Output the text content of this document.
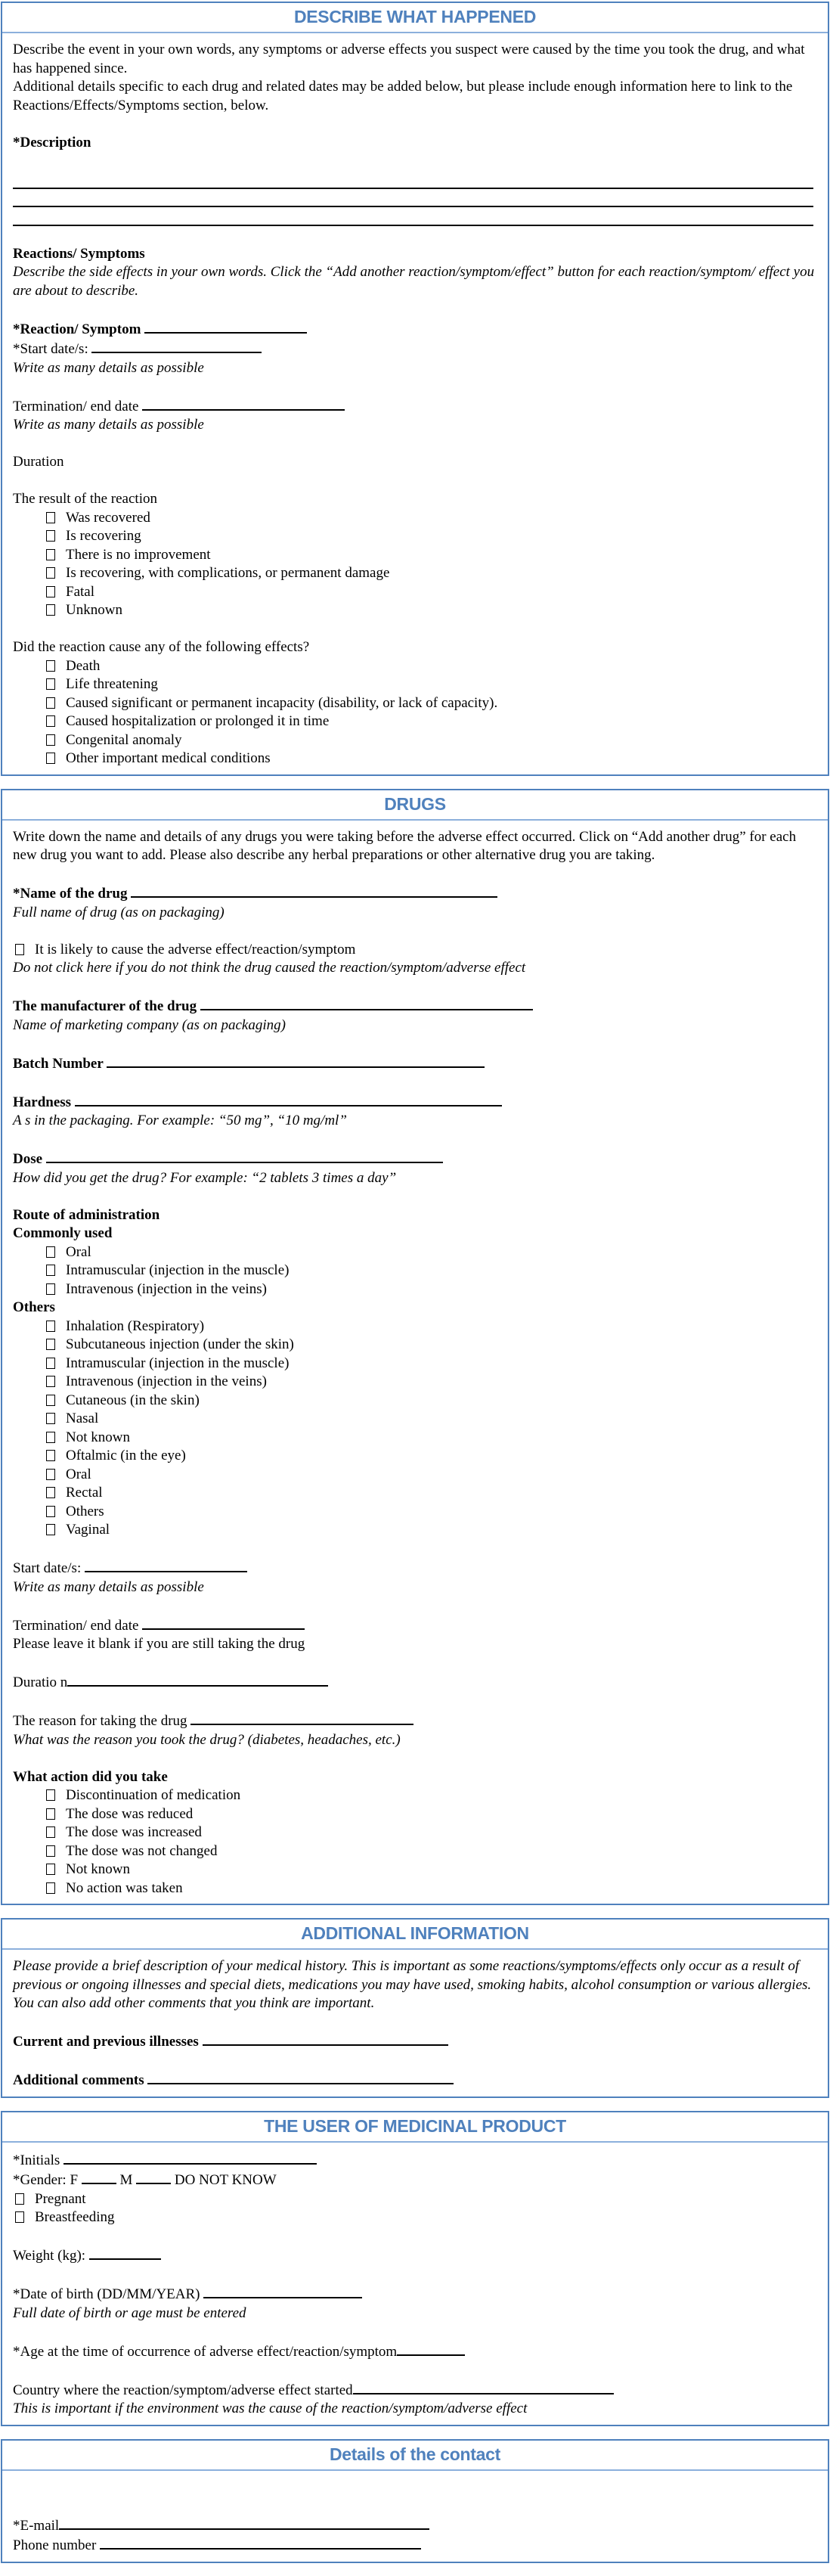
DESCRIBE WHAT HAPPENED
Describe the event in your own words, any symptoms or adverse effects you suspect were caused by the time you took the drug, and what has happened since.
Additional details specific to each drug and related dates may be added below, but please include enough information here to link to the Reactions/Effects/Symptoms section, below.
*Description
Reactions/ Symptoms
Describe the side effects in your own words. Click the “Add another reaction/symptom/effect” button for each reaction/symptom/ effect you are about to describe.
*Reaction/ Symptom
*Start date/s:
Write as many details as possible
Termination/ end date
Write as many details as possible
Duration
The result of the reaction
Was recovered
Is recovering
There is no improvement
Is recovering, with complications, or permanent damage
Fatal
Unknown
Did the reaction cause any of the following effects?
Death
Life threatening
Caused significant or permanent incapacity (disability, or lack of capacity).
Caused hospitalization or prolonged it in time
Congenital anomaly
Other important medical conditions
DRUGS
Write down the name and details of any drugs you were taking before the adverse effect occurred. Click on “Add another drug” for each new drug you want to add. Please also describe any herbal preparations or other alternative drug you are taking.
*Name of the drug
Full name of drug (as on packaging)
It is likely to cause the adverse effect/reaction/symptom
Do not click here if you do not think the drug caused the reaction/symptom/adverse effect
The manufacturer of the drug
Name of marketing company (as on packaging)
Batch Number
Hardness
A s in the packaging. For example: “50 mg”, “10 mg/ml”
Dose
How did you get the drug? For example: “2 tablets 3 times a day”
Route of administration
Commonly used
Oral
Intramuscular (injection in the muscle)
Intravenous (injection in the veins)
Others
Inhalation (Respiratory)
Subcutaneous injection (under the skin)
Intramuscular (injection in the muscle)
Intravenous (injection in the veins)
Cutaneous (in the skin)
Nasal
Not known
Oftalmic (in the eye)
Oral
Rectal
Others
Vaginal
Start date/s:
Write as many details as possible
Termination/ end date
Please leave it blank if you are still taking the drug
Duratio n
The reason for taking the drug
What was the reason you took the drug? (diabetes, headaches, etc.)
What action did you take
Discontinuation of medication
The dose was reduced
The dose was increased
The dose was not changed
Not known
No action was taken
ADDITIONAL INFORMATION
Please provide a brief description of your medical history. This is important as some reactions/symptoms/effects only occur as a result of previous or ongoing illnesses and special diets, medications you may have used, smoking habits, alcohol consumption or various allergies. You can also add other comments that you think are important.
Current and previous illnesses
Additional comments
THE USER OF MEDICINAL PRODUCT
*Initials
*Gender: F	M	DO NOT KNOW
Pregnant
Breastfeeding
Weight (kg):
*Date of birth (DD/MM/YEAR)
Full date of birth or age must be entered
*Age at the time of occurrence of adverse effect/reaction/symptom
Country where the reaction/symptom/adverse effect started
This is important if the environment was the cause of the reaction/symptom/adverse effect
Details of the contact
*E-mail
Phone number
